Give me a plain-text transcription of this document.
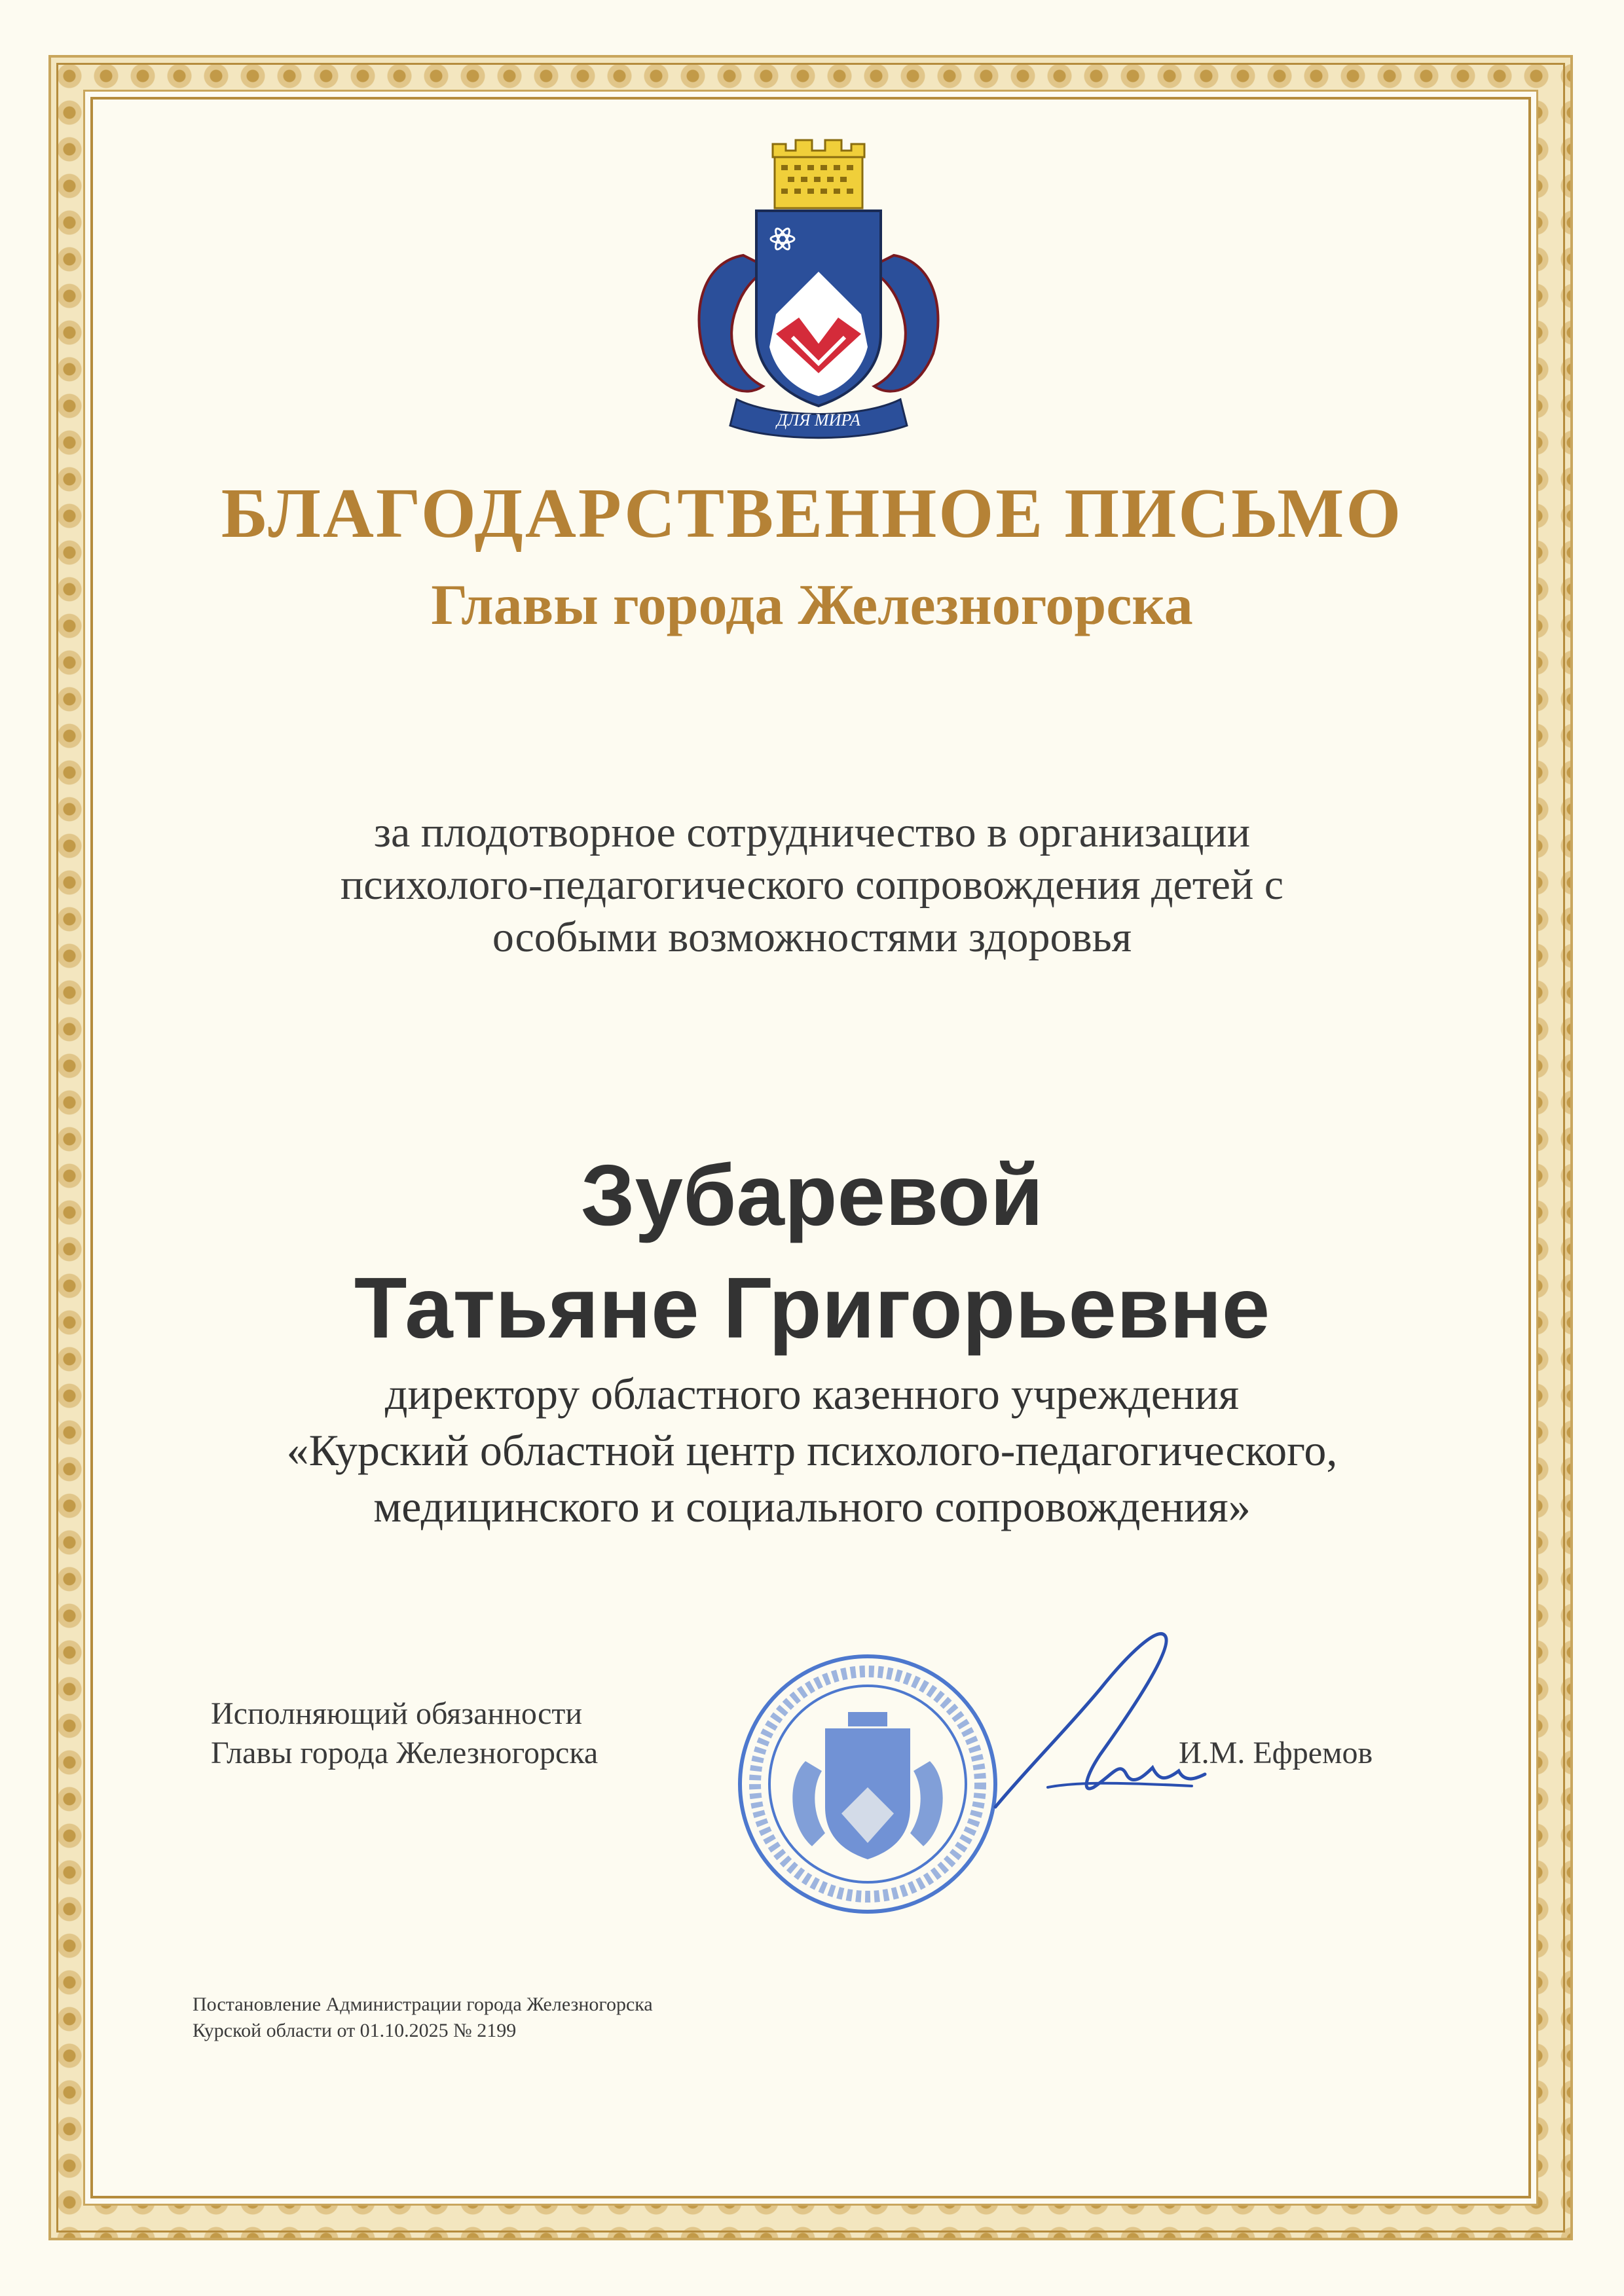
ДЛЯ МИРА
БЛАГОДАРСТВЕННОЕ ПИСЬМО
Главы города Железногорска
за плодотворное сотрудничество в организации
психолого-педагогического сопровождения детей с
особыми возможностями здоровья
Зубаревой
Татьяне Григорьевне
директору областного казенного учреждения
«Курский областной центр психолого-педагогического,
медицинского и социального сопровождения»
Исполняющий обязанности
Главы города Железногорска	И.М. Ефремов
Постановление Администрации города Железногорска
Курской области от 01.10.2025 № 2199
